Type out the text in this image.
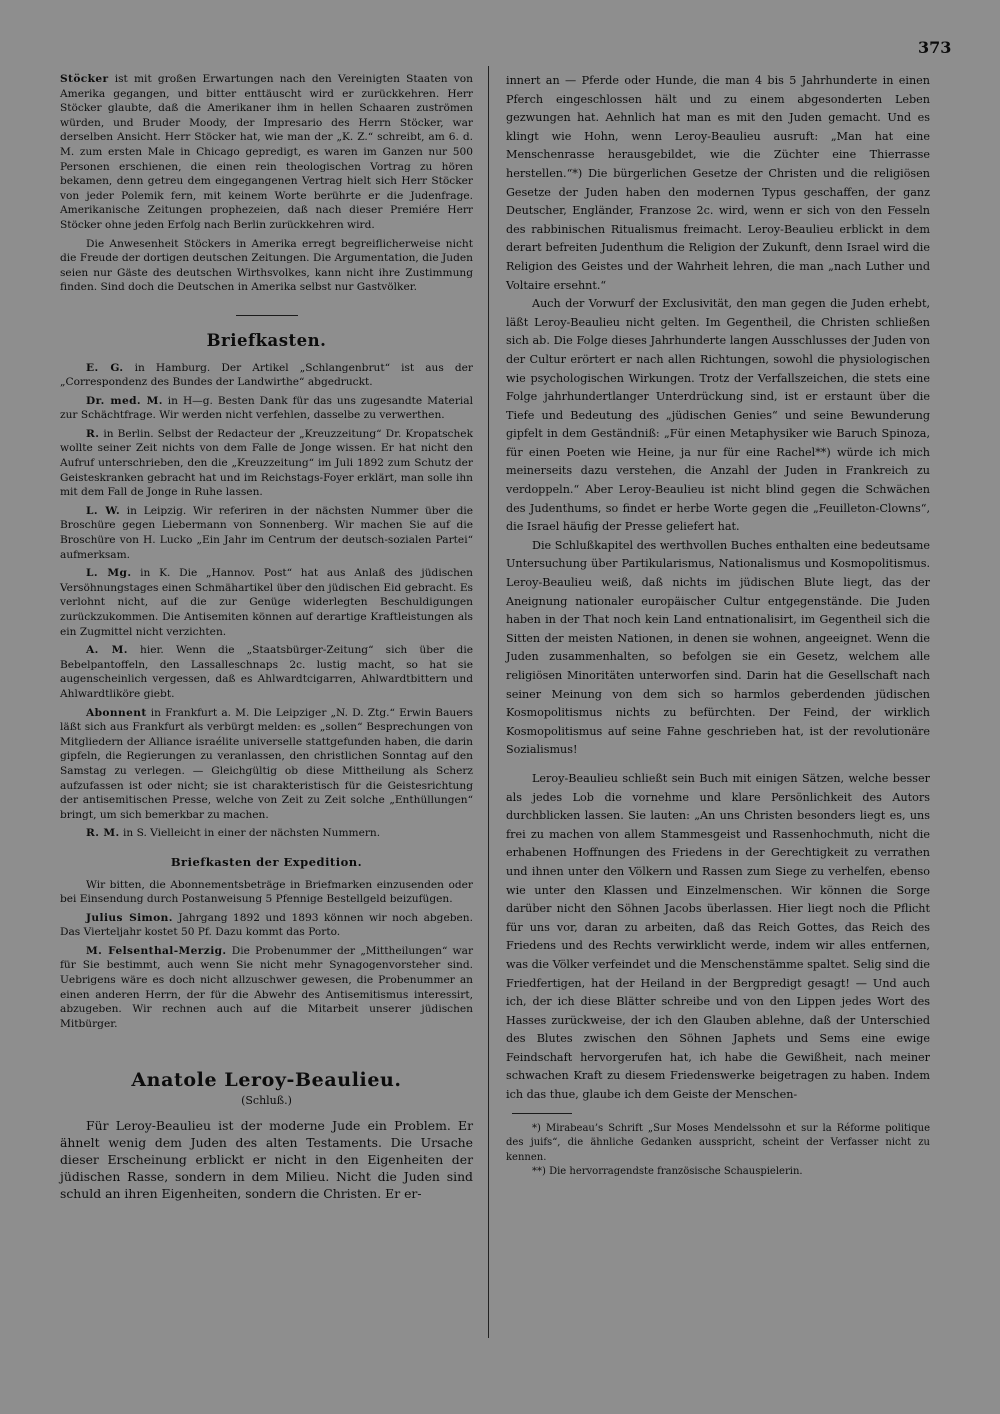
373

Stöcker ist mit großen Erwartungen nach den Vereinigten Staaten von Amerika gegangen, und bitter enttäuscht wird er zurückkehren. Herr Stöcker glaubte, daß die Amerikaner ihm in hellen Schaaren zuströmen würden, und Bruder Moody, der Impresario des Herrn Stöcker, war derselben Ansicht. Herr Stöcker hat, wie man der „K. Z.“ schreibt, am 6. d. M. zum ersten Male in Chicago gepredigt, es waren im Ganzen nur 500 Personen erschienen, die einen rein theologischen Vortrag zu hören bekamen, denn getreu dem eingegangenen Vertrag hielt sich Herr Stöcker von jeder Polemik fern, mit keinem Worte berührte er die Judenfrage. Amerikanische Zeitungen prophezeien, daß nach dieser Premiére Herr Stöcker ohne jeden Erfolg nach Berlin zurückkehren wird.

Die Anwesenheit Stöckers in Amerika erregt begreiflicherweise nicht die Freude der dortigen deutschen Zeitungen. Die Argumentation, die Juden seien nur Gäste des deutschen Wirthsvolkes, kann nicht ihre Zustimmung finden. Sind doch die Deutschen in Amerika selbst nur Gastvölker.

Briefkasten.

E. G. in Hamburg. Der Artikel „Schlangenbrut“ ist aus der „Correspondenz des Bundes der Landwirthe“ abgedruckt.

Dr. med. M. in H—g. Besten Dank für das uns zugesandte Material zur Schächtfrage. Wir werden nicht verfehlen, dasselbe zu verwerthen.

R. in Berlin. Selbst der Redacteur der „Kreuzzeitung“ Dr. Kropatschek wollte seiner Zeit nichts von dem Falle de Jonge wissen. Er hat nicht den Aufruf unterschrieben, den die „Kreuzzeitung“ im Juli 1892 zum Schutz der Geisteskranken gebracht hat und im Reichstags-Foyer erklärt, man solle ihn mit dem Fall de Jonge in Ruhe lassen.

L. W. in Leipzig. Wir referiren in der nächsten Nummer über die Broschüre gegen Liebermann von Sonnenberg. Wir machen Sie auf die Broschüre von H. Lucko „Ein Jahr im Centrum der deutsch-sozialen Partei“ aufmerksam.

L. Mg. in K. Die „Hannov. Post“ hat aus Anlaß des jüdischen Versöhnungstages einen Schmähartikel über den jüdischen Eid gebracht. Es verlohnt nicht, auf die zur Genüge widerlegten Beschuldigungen zurückzukommen. Die Antisemiten können auf derartige Kraftleistungen als ein Zugmittel nicht verzichten.

A. M. hier. Wenn die „Staatsbürger-Zeitung“ sich über die Bebelpantoffeln, den Lassalleschnaps 2c. lustig macht, so hat sie augenscheinlich vergessen, daß es Ahlwardtcigarren, Ahlwardtbittern und Ahlwardtliköre giebt.

Abonnent in Frankfurt a. M. Die Leipziger „N. D. Ztg.“ Erwin Bauers läßt sich aus Frankfurt als verbürgt melden: es „sollen“ Besprechungen von Mitgliedern der Alliance israélite universelle stattgefunden haben, die darin gipfeln, die Regierungen zu veranlassen, den christlichen Sonntag auf den Samstag zu verlegen. — Gleichgültig ob diese Mittheilung als Scherz aufzufassen ist oder nicht; sie ist charakteristisch für die Geistesrichtung der antisemitischen Presse, welche von Zeit zu Zeit solche „Enthüllungen“ bringt, um sich bemerkbar zu machen.

R. M. in S. Vielleicht in einer der nächsten Nummern.

Briefkasten der Expedition.

Wir bitten, die Abonnementsbeträge in Briefmarken einzusenden oder bei Einsendung durch Postanweisung 5 Pfennige Bestellgeld beizufügen.

Julius Simon. Jahrgang 1892 und 1893 können wir noch abgeben. Das Vierteljahr kostet 50 Pf. Dazu kommt das Porto.

M. Felsenthal-Merzig. Die Probenummer der „Mittheilungen“ war für Sie bestimmt, auch wenn Sie nicht mehr Synagogenvorsteher sind. Uebrigens wäre es doch nicht allzuschwer gewesen, die Probenummer an einen anderen Herrn, der für die Abwehr des Antisemitismus interessirt, abzugeben. Wir rechnen auch auf die Mitarbeit unserer jüdischen Mitbürger.

Anatole Leroy-Beaulieu.
(Schluß.)

Für Leroy-Beaulieu ist der moderne Jude ein Problem. Er ähnelt wenig dem Juden des alten Testaments. Die Ursache dieser Erscheinung erblickt er nicht in den Eigenheiten der jüdischen Rasse, sondern in dem Milieu. Nicht die Juden sind schuld an ihren Eigenheiten, sondern die Christen. Er er-

innert an — Pferde oder Hunde, die man 4 bis 5 Jahrhunderte in einen Pferch eingeschlossen hält und zu einem abgesonderten Leben gezwungen hat. Aehnlich hat man es mit den Juden gemacht. Und es klingt wie Hohn, wenn Leroy-Beaulieu ausruft: „Man hat eine Menschenrasse herausgebildet, wie die Züchter eine Thierrasse herstellen.“*) Die bürgerlichen Gesetze der Christen und die religiösen Gesetze der Juden haben den modernen Typus geschaffen, der ganz Deutscher, Engländer, Franzose 2c. wird, wenn er sich von den Fesseln des rabbinischen Ritualismus freimacht. Leroy-Beaulieu erblickt in dem derart befreiten Judenthum die Religion der Zukunft, denn Israel wird die Religion des Geistes und der Wahrheit lehren, die man „nach Luther und Voltaire ersehnt.“

Auch der Vorwurf der Exclusivität, den man gegen die Juden erhebt, läßt Leroy-Beaulieu nicht gelten. Im Gegentheil, die Christen schließen sich ab. Die Folge dieses Jahrhunderte langen Ausschlusses der Juden von der Cultur erörtert er nach allen Richtungen, sowohl die physiologischen wie psychologischen Wirkungen. Trotz der Verfallszeichen, die stets eine Folge jahrhundertlanger Unterdrückung sind, ist er erstaunt über die Tiefe und Bedeutung des „jüdischen Genies“ und seine Bewunderung gipfelt in dem Geständniß: „Für einen Metaphysiker wie Baruch Spinoza, für einen Poeten wie Heine, ja nur für eine Rachel**) würde ich mich meinerseits dazu verstehen, die Anzahl der Juden in Frankreich zu verdoppeln.“ Aber Leroy-Beaulieu ist nicht blind gegen die Schwächen des Judenthums, so findet er herbe Worte gegen die „Feuilleton-Clowns“, die Israel häufig der Presse geliefert hat.

Die Schlußkapitel des werthvollen Buches enthalten eine bedeutsame Untersuchung über Partikularismus, Nationalismus und Kosmopolitismus. Leroy-Beaulieu weiß, daß nichts im jüdischen Blute liegt, das der Aneignung nationaler europäischer Cultur entgegenstände. Die Juden haben in der That noch kein Land entnationalisirt, im Gegentheil sich die Sitten der meisten Nationen, in denen sie wohnen, angeeignet. Wenn die Juden zusammenhalten, so befolgen sie ein Gesetz, welchem alle religiösen Minoritäten unterworfen sind. Darin hat die Gesellschaft nach seiner Meinung von dem sich so harmlos geberdenden jüdischen Kosmopolitismus nichts zu befürchten. Der Feind, der wirklich Kosmopolitismus auf seine Fahne geschrieben hat, ist der revolutionäre Sozialismus!

Leroy-Beaulieu schließt sein Buch mit einigen Sätzen, welche besser als jedes Lob die vornehme und klare Persönlichkeit des Autors durchblicken lassen. Sie lauten: „An uns Christen besonders liegt es, uns frei zu machen von allem Stammesgeist und Rassenhochmuth, nicht die erhabenen Hoffnungen des Friedens in der Gerechtigkeit zu verrathen und ihnen unter den Völkern und Rassen zum Siege zu verhelfen, ebenso wie unter den Klassen und Einzelmenschen. Wir können die Sorge darüber nicht den Söhnen Jacobs überlassen. Hier liegt noch die Pflicht für uns vor, daran zu arbeiten, daß das Reich Gottes, das Reich des Friedens und des Rechts verwirklicht werde, indem wir alles entfernen, was die Völker verfeindet und die Menschenstämme spaltet. Selig sind die Friedfertigen, hat der Heiland in der Bergpredigt gesagt! — Und auch ich, der ich diese Blätter schreibe und von den Lippen jedes Wort des Hasses zurückweise, der ich den Glauben ablehne, daß der Unterschied des Blutes zwischen den Söhnen Japhets und Sems eine ewige Feindschaft hervorgerufen hat, ich habe die Gewißheit, nach meiner schwachen Kraft zu diesem Friedenswerke beigetragen zu haben. Indem ich das thue, glaube ich dem Geiste der Menschen-

*) Mirabeau’s Schrift „Sur Moses Mendelssohn et sur la Réforme politique des juifs“, die ähnliche Gedanken ausspricht, scheint der Verfasser nicht zu kennen.

**) Die hervorragendste französische Schauspielerin.
